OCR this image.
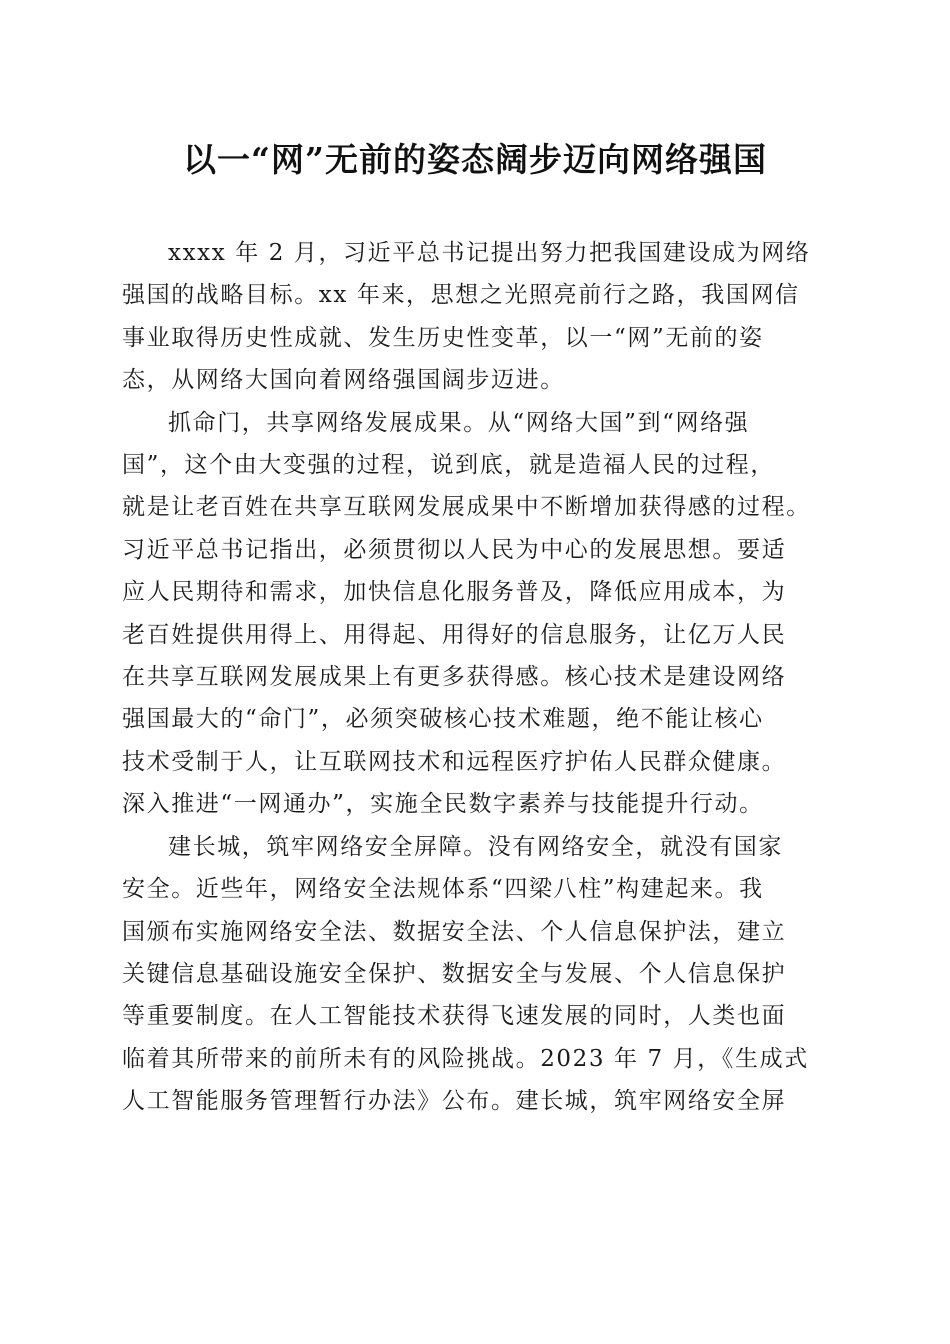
以一“网”无前的姿态阔步迈向网络强国

xxxx 年 2 月，习近平总书记提出努力把我国建设成为网络
强国的战略目标。xx 年来，思想之光照亮前行之路，我国网信
事业取得历史性成就、发生历史性变革，以一“网”无前的姿
态，从网络大国向着网络强国阔步迈进。

抓命门，共享网络发展成果。从“网络大国”到“网络强
国”，这个由大变强的过程，说到底，就是造福人民的过程，
就是让老百姓在共享互联网发展成果中不断增加获得感的过程。
习近平总书记指出，必须贯彻以人民为中心的发展思想。要适
应人民期待和需求，加快信息化服务普及，降低应用成本，为
老百姓提供用得上、用得起、用得好的信息服务，让亿万人民
在共享互联网发展成果上有更多获得感。核心技术是建设网络
强国最大的“命门”，必须突破核心技术难题，绝不能让核心
技术受制于人，让互联网技术和远程医疗护佑人民群众健康。
深入推进“一网通办”，实施全民数字素养与技能提升行动。

建长城，筑牢网络安全屏障。没有网络安全，就没有国家
安全。近些年，网络安全法规体系“四梁八柱”构建起来。我
国颁布实施网络安全法、数据安全法、个人信息保护法，建立
关键信息基础设施安全保护、数据安全与发展、个人信息保护
等重要制度。在人工智能技术获得飞速发展的同时，人类也面
临着其所带来的前所未有的风险挑战。2023 年 7 月，《生成式
人工智能服务管理暂行办法》公布。建长城，筑牢网络安全屏
